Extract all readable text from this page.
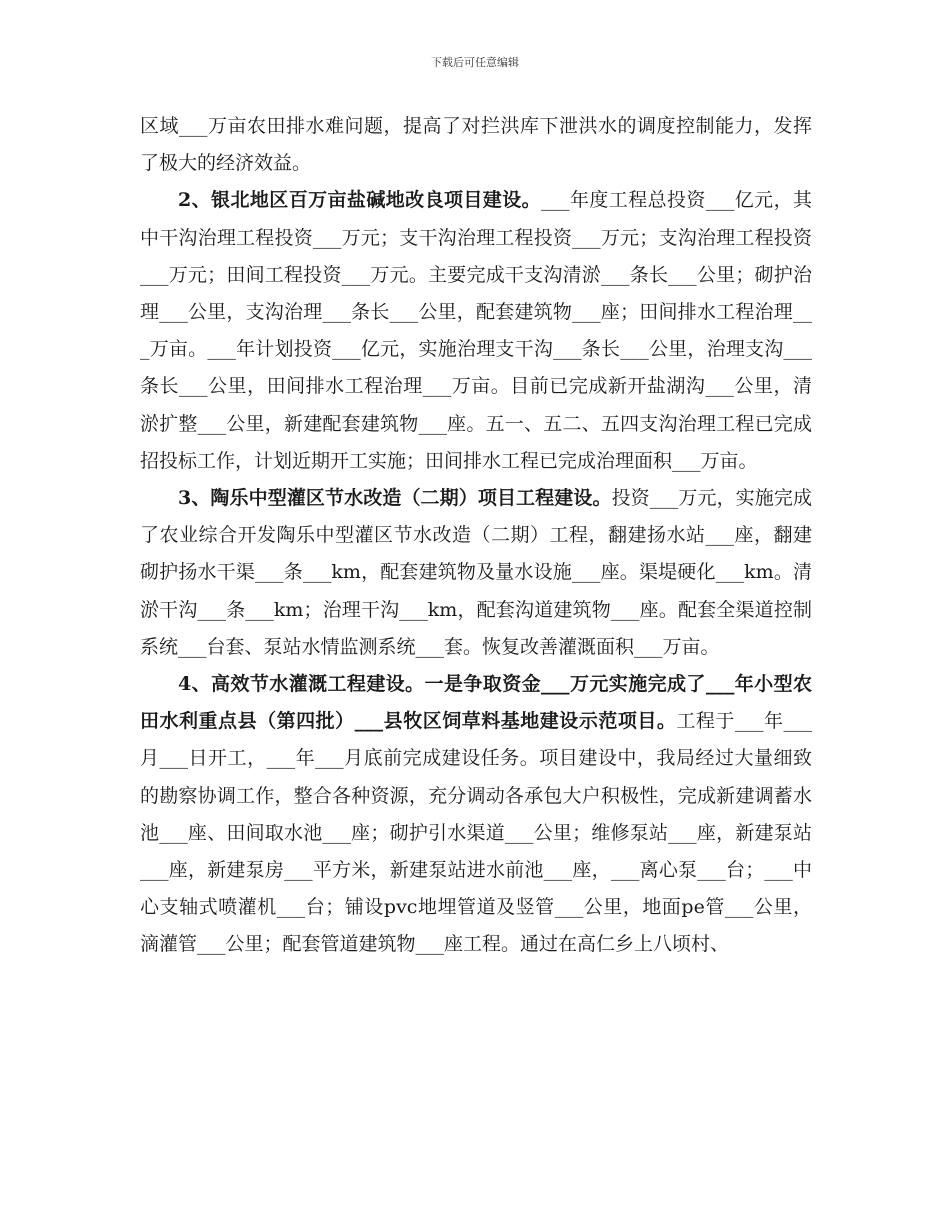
下载后可任意编辑

区域___万亩农田排水难问题，提高了对拦洪库下泄洪水的调度控制能力，发挥了极大的经济效益。

2、银北地区百万亩盐碱地改良项目建设。___年度工程总投资___亿元，其中干沟治理工程投资___万元；支干沟治理工程投资___万元；支沟治理工程投资___万元；田间工程投资___万元。主要完成干支沟清淤___条长___公里；砌护治理___公里，支沟治理___条长___公里，配套建筑物___座；田间排水工程治理___万亩。___年计划投资___亿元，实施治理支干沟___条长___公里，治理支沟___条长___公里，田间排水工程治理___万亩。目前已完成新开盐湖沟___公里，清淤扩整___公里，新建配套建筑物___座。五一、五二、五四支沟治理工程已完成招投标工作，计划近期开工实施；田间排水工程已完成治理面积___万亩。

3、陶乐中型灌区节水改造（二期）项目工程建设。投资___万元，实施完成了农业综合开发陶乐中型灌区节水改造（二期）工程，翻建扬水站___座，翻建砌护扬水干渠___条___km，配套建筑物及量水设施___座。渠堤硬化___km。清淤干沟___条___km；治理干沟___km，配套沟道建筑物___座。配套全渠道控制系统___台套、泵站水情监测系统___套。恢复改善灌溉面积___万亩。

4、高效节水灌溉工程建设。一是争取资金___万元实施完成了___年小型农田水利重点县（第四批）___县牧区饲草料基地建设示范项目。工程于___年___月___日开工，___年___月底前完成建设任务。项目建设中，我局经过大量细致的勘察协调工作，整合各种资源，充分调动各承包大户积极性，完成新建调蓄水池___座、田间取水池___座；砌护引水渠道___公里；维修泵站___座，新建泵站___座，新建泵房___平方米，新建泵站进水前池___座，___离心泵___台；___中心支轴式喷灌机___台；铺设pvc地埋管道及竖管___公里，地面pe管___公里，滴灌管___公里；配套管道建筑物___座工程。通过在高仁乡上八顷村、
